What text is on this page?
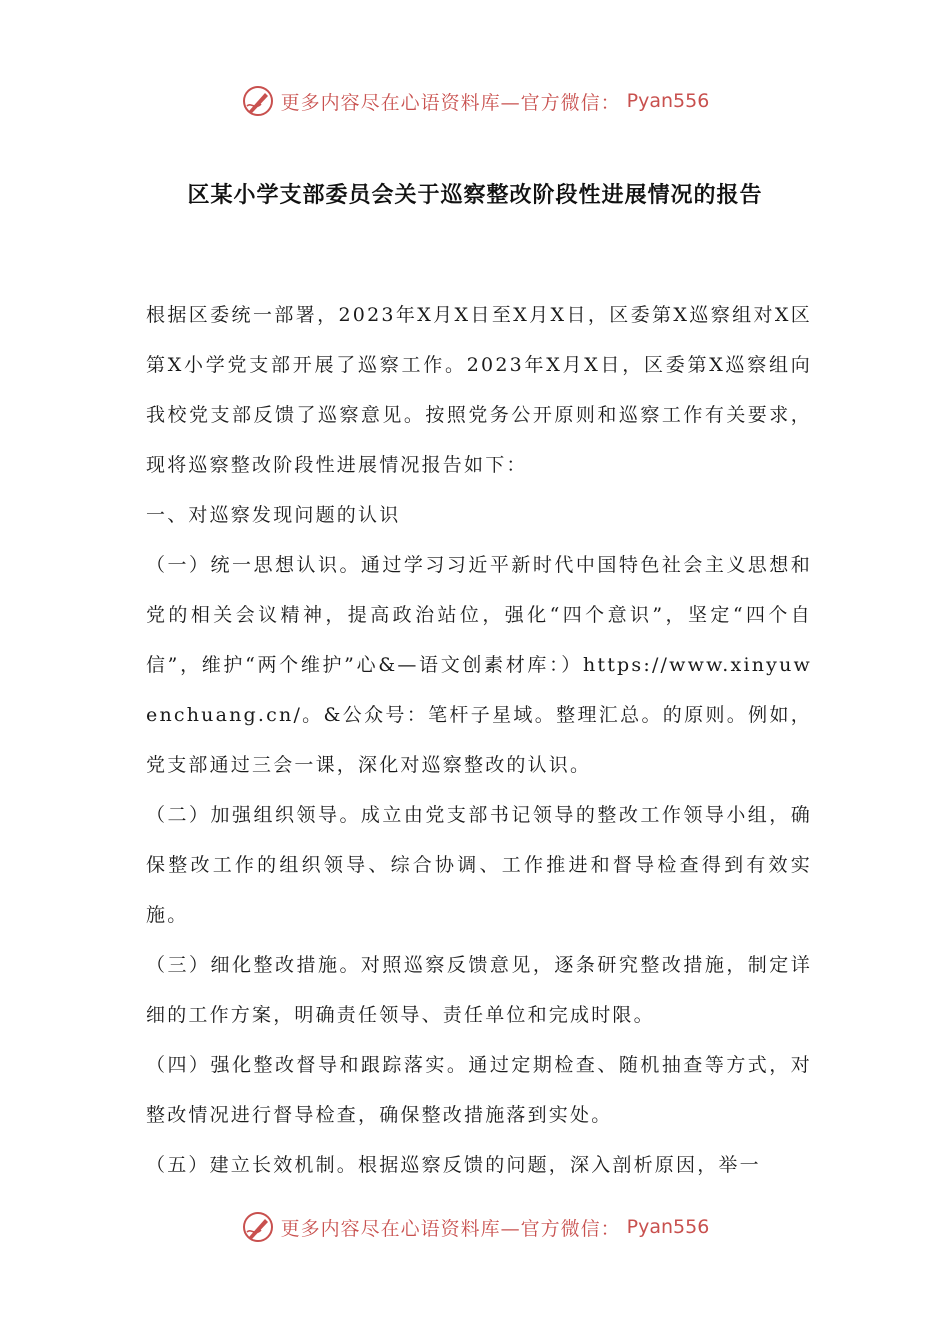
更多内容尽在心语资料库—官方微信： Pyan556
区某小学支部委员会关于巡察整改阶段性进展情况的报告

根据区委统一部署，2023年X月X日至X月X日，区委第X巡察组对X区第X小学党支部开展了巡察工作。2023年X月X日，区委第X巡察组向我校党支部反馈了巡察意见。按照党务公开原则和巡察工作有关要求，现将巡察整改阶段性进展情况报告如下：

一、对巡察发现问题的认识

（一）统一思想认识。通过学习习近平新时代中国特色社会主义思想和党的相关会议精神，提高政治站位，强化“四个意识”，坚定“四个自信”，维护“两个维护”心&—语文创素材库：）https://www.xinyuwenchuang.cn/。&公众号：笔杆子星域。整理汇总。的原则。例如，党支部通过三会一课，深化对巡察整改的认识。

（二）加强组织领导。成立由党支部书记领导的整改工作领导小组，确保整改工作的组织领导、综合协调、工作推进和督导检查得到有效实施。

（三）细化整改措施。对照巡察反馈意见，逐条研究整改措施，制定详细的工作方案，明确责任领导、责任单位和完成时限。

（四）强化整改督导和跟踪落实。通过定期检查、随机抽查等方式，对整改情况进行督导检查，确保整改措施落到实处。

（五）建立长效机制。根据巡察反馈的问题，深入剖析原因，举一

更多内容尽在心语资料库—官方微信： Pyan556
